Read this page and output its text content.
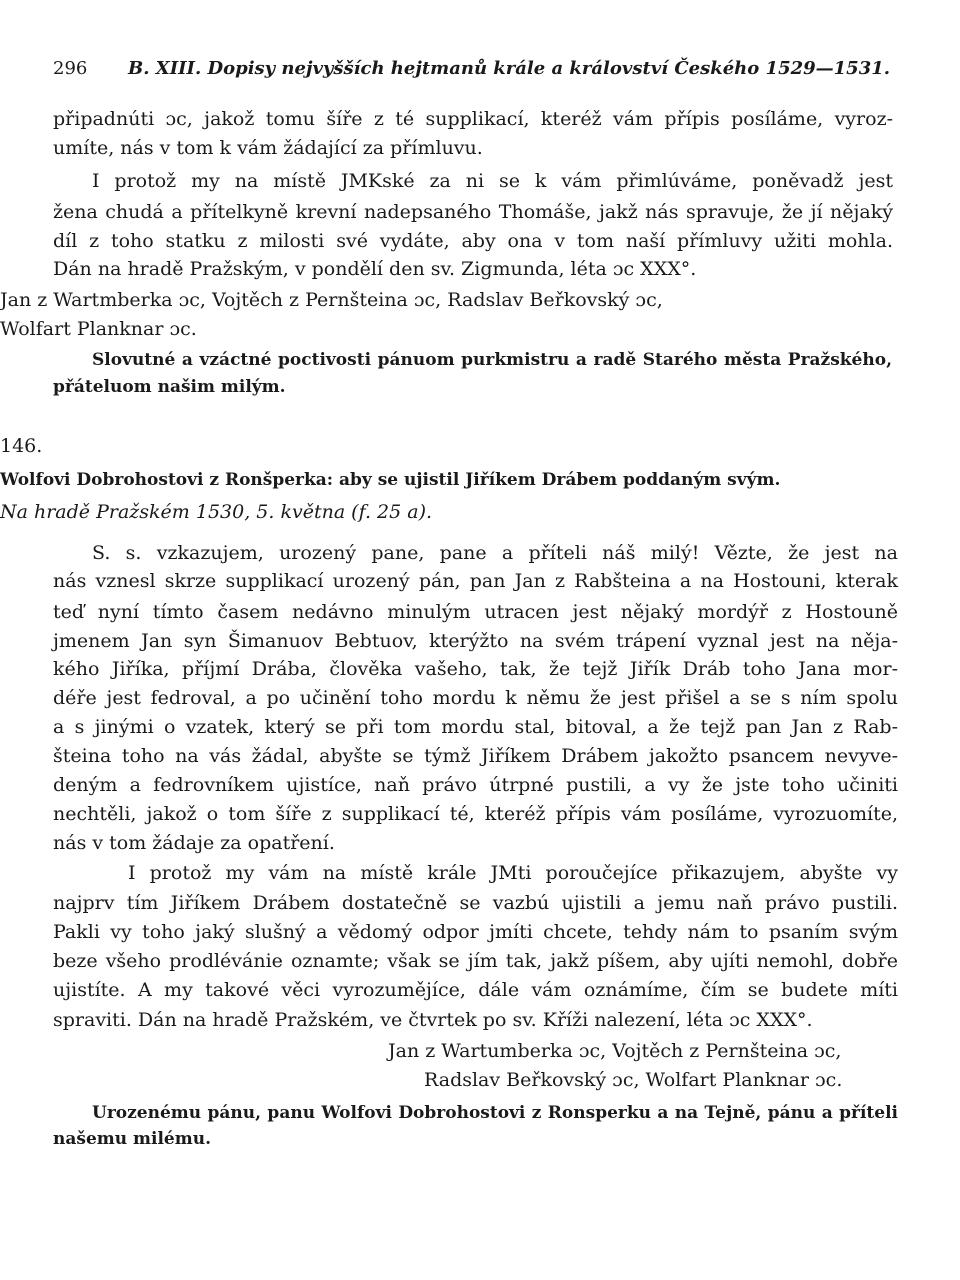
296 B. XIII. Dopisy nejvyšších hejtmanů krále a království Českého 1529—1531.
připadnúti ɔc, jakož tomu šíře z té supplikací, kteréž vám přípis posíláme, vyroz-
umíte, nás v tom k vám žádající za přímluvu.
I protož my na místě JMKské za ni se k vám přimlúváme, poněvadž jest
žena chudá a přítelkyně krevní nadepsaného Thomáše, jakž nás spravuje, že jí nějaký
díl z toho statku z milosti své vydáte, aby ona v tom naší přímluvy užiti mohla.
Dán na hradě Pražským, v pondělí den sv. Zigmunda, léta ɔc XXX°.
Jan z Wartmberka ɔc, Vojtěch z Pernšteina ɔc, Radslav Beřkovský ɔc,
Wolfart Planknar ɔc.
Slovutné a vzáctné poctivosti pánuom purkmistru a radě Starého města Pražského,
přáteluom našim milým.
146.
Wolfovi Dobrohostovi z Ronšperka: aby se ujistil Jiříkem Drábem poddaným svým.
Na hradě Pražském 1530, 5. května (f. 25 a).
S. s. vzkazujem, urozený pane, pane a příteli náš milý! Vězte, že jest na
nás vznesl skrze supplikací urozený pán, pan Jan z Rabšteina a na Hostouni, kterak
teď nyní tímto časem nedávno minulým utracen jest nějaký mordýř z Hostouně
jmenem Jan syn Šimanuov Bebtuov, kterýžto na svém trápení vyznal jest na něja-
kého Jiříka, příjmí Drába, člověka vašeho, tak, že tejž Jiřík Dráb toho Jana mor-
déře jest fedroval, a po učinění toho mordu k němu že jest přišel a se s ním spolu
a s jinými o vzatek, který se při tom mordu stal, bitoval, a že tejž pan Jan z Rab-
šteina toho na vás žádal, abyšte se týmž Jiříkem Drábem jakožto psancem nevyve-
deným a fedrovníkem ujistíce, naň právo útrpné pustili, a vy že jste toho učiniti
nechtěli, jakož o tom šíře z supplikací té, kteréž přípis vám posíláme, vyrozuomíte,
nás v tom žádaje za opatření.
I protož my vám na místě krále JMti poroučejíce přikazujem, abyšte vy
najprv tím Jiříkem Drábem dostatečně se vazbú ujistili a jemu naň právo pustili.
Pakli vy toho jaký slušný a vědomý odpor jmíti chcete, tehdy nám to psaním svým
beze všeho prodlévánie oznamte; však se jím tak, jakž píšem, aby ujíti nemohl, dobře
ujistíte. A my takové věci vyrozumějíce, dále vám oznámíme, čím se budete míti
spraviti. Dán na hradě Pražském, ve čtvrtek po sv. Kříži nalezení, léta ɔc XXX°.
Jan z Wartumberka ɔc, Vojtěch z Pernšteina ɔc,
Radslav Beřkovský ɔc, Wolfart Planknar ɔc.
Urozenému pánu, panu Wolfovi Dobrohostovi z Ronsperku a na Tejně, pánu a příteli
našemu milému.
